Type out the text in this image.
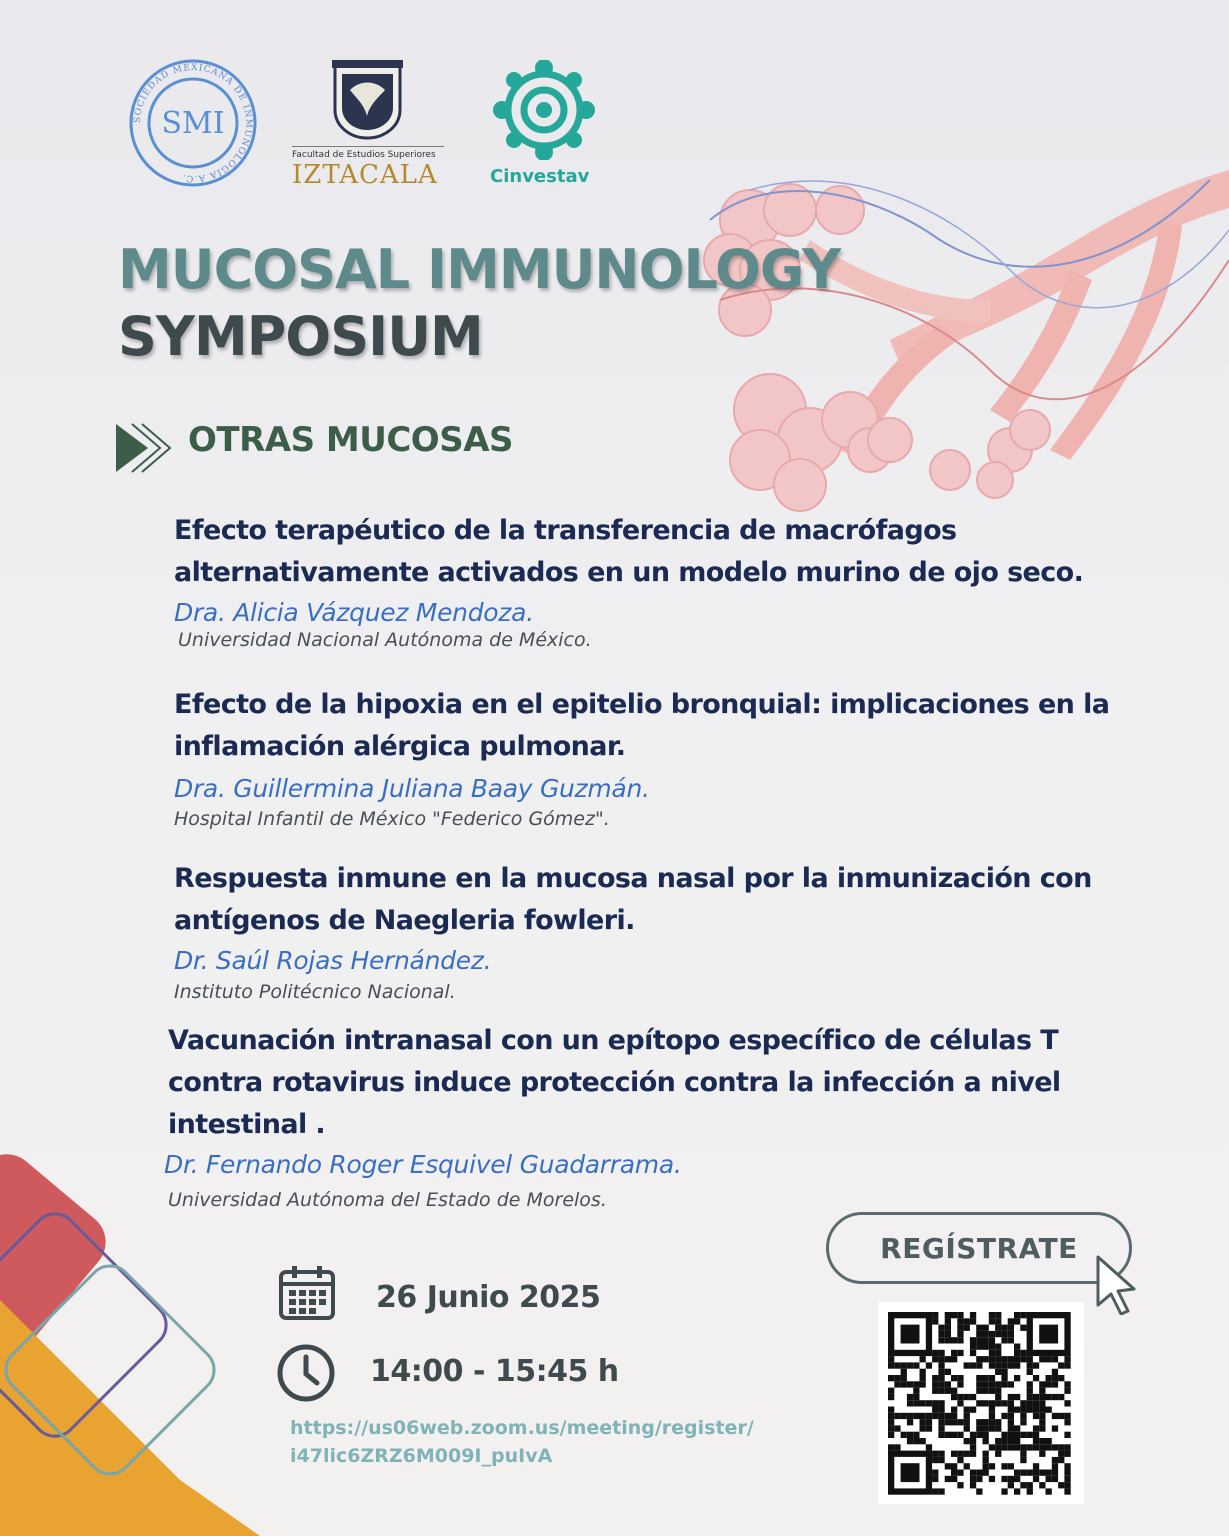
SOCIEDAD MEXICANA DE INMUNOLOGÍA A.C.
SMI
Facultad de Estudios Superiores
IZTACALA	Cinvestav
MUCOSAL IMMUNOLOGY
SYMPOSIUM
OTRAS MUCOSAS
Efecto terapéutico de la transferencia de macrófagos alternativamente activados en un modelo murino de ojo seco.
Dra. Alicia Vázquez Mendoza.
Universidad Nacional Autónoma de México.
Efecto de la hipoxia en el epitelio bronquial: implicaciones en la inflamación alérgica pulmonar.
Dra. Guillermina Juliana Baay Guzmán.
Hospital Infantil de México "Federico Gómez".
Respuesta inmune en la mucosa nasal por la inmunización con antígenos de Naegleria fowleri.
Dr. Saúl Rojas Hernández.
Instituto Politécnico Nacional.
Vacunación intranasal con un epítopo específico de células T contra rotavirus induce protección contra la infección a nivel intestinal .
Dr. Fernando Roger Esquivel Guadarrama.
Universidad Autónoma del Estado de Morelos.
26 Junio 2025
14:00 - 15:45 h
https://us06web.zoom.us/meeting/register/i47lic6ZRZ6M009I_puIvA
REGÍSTRATE
